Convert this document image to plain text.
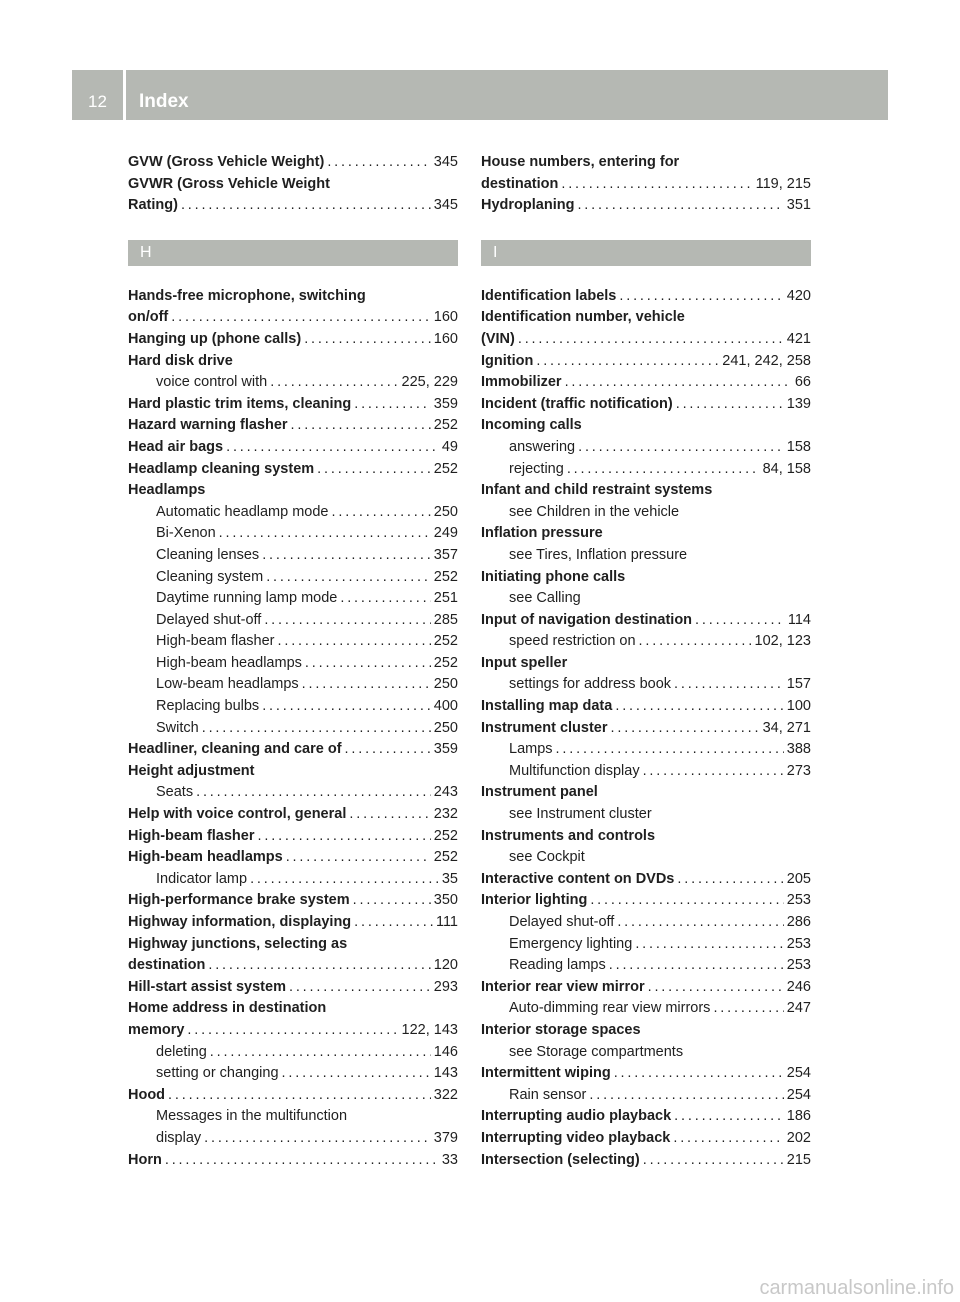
12	Index
GVW (Gross Vehicle Weight) . . .	345
GVWR (Gross Vehicle Weight
Rating) . . .	345
H
Hands-free microphone, switching
on/off . . .	160
Hanging up (phone calls) . . .	160
Hard disk drive
voice control with . . .	225, 229
Hard plastic trim items, cleaning . . .	359
Hazard warning flasher . . .	252
Head air bags . . .	49
Headlamp cleaning system . . .	252
Headlamps
Automatic headlamp mode . . .	250
Bi-Xenon . . .	249
Cleaning lenses . . .	357
Cleaning system . . .	252
Daytime running lamp mode . . .	251
Delayed shut-off . . .	285
High-beam flasher . . .	252
High-beam headlamps . . .	252
Low-beam headlamps . . .	250
Replacing bulbs . . .	400
Switch . . .	250
Headliner, cleaning and care of . . .	359
Height adjustment
Seats . . .	243
Help with voice control, general . . .	232
High-beam flasher . . .	252
High-beam headlamps . . .	252
Indicator lamp . . .	35
High-performance brake system . . .	350
Highway information, displaying . . .	111
Highway junctions, selecting as
destination . . .	120
Hill-start assist system . . .	293
Home address in destination
memory . . .	122, 143
deleting . . .	146
setting or changing . . .	143
Hood . . .	322
Messages in the multifunction
display . . .	379
Horn . . .	33
House numbers, entering for
destination . . .	119, 215
Hydroplaning . . .	351
I
Identification labels . . .	420
Identification number, vehicle
(VIN) . . .	421
Ignition . . .	241, 242, 258
Immobilizer . . .	66
Incident (traffic notification) . . .	139
Incoming calls
answering . . .	158
rejecting . . .	84, 158
Infant and child restraint systems
see Children in the vehicle
Inflation pressure
see Tires, Inflation pressure
Initiating phone calls
see Calling
Input of navigation destination . . .	114
speed restriction on . . .	102, 123
Input speller
settings for address book . . .	157
Installing map data . . .	100
Instrument cluster . . .	34, 271
Lamps . . .	388
Multifunction display . . .	273
Instrument panel
see Instrument cluster
Instruments and controls
see Cockpit
Interactive content on DVDs . . .	205
Interior lighting . . .	253
Delayed shut-off . . .	286
Emergency lighting . . .	253
Reading lamps . . .	253
Interior rear view mirror . . .	246
Auto-dimming rear view mirrors . . .	247
Interior storage spaces
see Storage compartments
Intermittent wiping . . .	254
Rain sensor . . .	254
Interrupting audio playback . . .	186
Interrupting video playback . . .	202
Intersection (selecting) . . .	215
carmanualsonline.info
